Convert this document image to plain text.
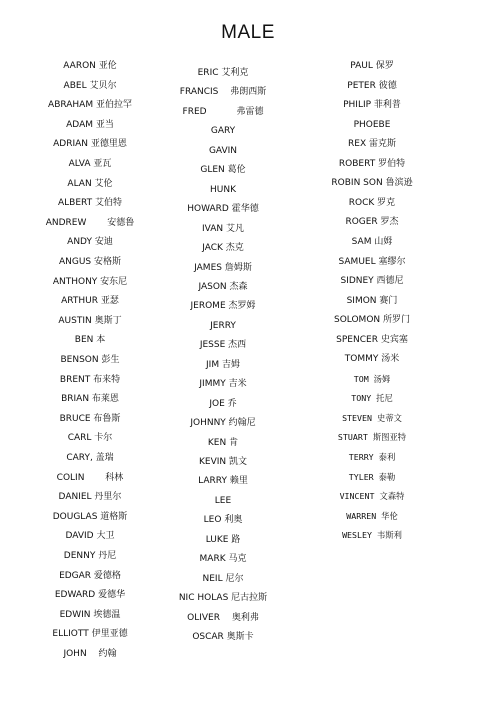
MALE
AARON 亚伦
ABEL 艾贝尔
ABRAHAM 亚伯拉罕
ADAM 亚当
ADRIAN 亚德里恩
ALVA 亚瓦
ALAN 艾伦
ALBERT 艾伯特
ANDREW 　　安德鲁
ANDY 安迪
ANGUS 安格斯
ANTHONY 安东尼
ARTHUR 亚瑟
AUSTIN 奥斯丁
BEN 本
BENSON 彭生
BRENT 布来特
BRIAN 布莱恩
BRUCE 布鲁斯
CARL 卡尔
CARY, 盖瑞
COLIN 　　科林
DANIEL 丹里尔
DOUGLAS 道格斯
DAVID 大卫
DENNY 丹尼
EDGAR 爱德格
EDWARD 爱德华
EDWIN 埃德温
ELLIOTT 伊里亚德
JOHN 　约翰
ERIC 艾利克
FRANCIS 　弗朗西斯
FRED 　　　弗雷德
GARY
GAVIN
GLEN 葛伦
HUNK
HOWARD 霍华德
IVAN 艾凡
JACK 杰克
JAMES 詹姆斯
JASON 杰森
JEROME 杰罗姆
JERRY
JESSE 杰西
JIM 吉姆
JIMMY 吉米
JOE 乔
JOHNNY 约翰尼
KEN 肯
KEVIN 凯文
LARRY 赖里
LEE
LEO 利奥
LUKE 路
MARK 马克
NEIL 尼尔
NIC HOLAS 尼古拉斯
OLIVER 　奥利弗
OSCAR 奥斯卡
PAUL 保罗
PETER 彼德
PHILIP 菲利普
PHOEBE
REX 雷克斯
ROBERT 罗伯特
ROBIN SON 鲁滨逊
ROCK 罗克
ROGER 罗杰
SAM 山姆
SAMUEL 塞缪尔
SIDNEY 西德尼
SIMON 赛门
SOLOMON 所罗门
SPENCER 史宾塞
TOMMY 汤米
TOM 汤姆
TONY 托尼
STEVEN 史蒂文
STUART 斯图亚特
TERRY 泰利
TYLER 泰勒
VINCENT 文森特
WARREN 华伦
WESLEY 韦斯利
